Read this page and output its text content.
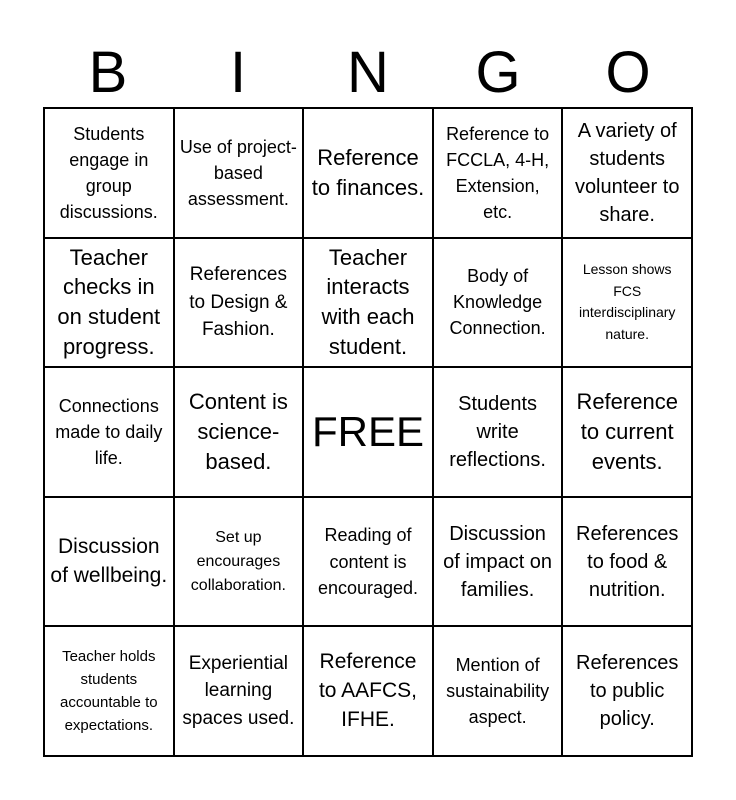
B	I	N	G	O
Students engage in group discussions.
Use of project-based assessment.
Reference to finances.
Reference to FCCLA, 4-H, Extension, etc.
A variety of students volunteer to share.
Teacher checks in on student progress.
References to Design & Fashion.
Teacher interacts with each student.
Body of Knowledge Connection.
Lesson shows FCS interdisciplinary nature.
Connections made to daily life.
Content is science-based.
FREE
Students write reflections.
Reference to current events.
Discussion of wellbeing.
Set up encourages collaboration.
Reading of content is encouraged.
Discussion of impact on families.
References to food & nutrition.
Teacher holds students accountable to expectations.
Experiential learning spaces used.
Reference to AAFCS, IFHE.
Mention of sustainability aspect.
References to public policy.
